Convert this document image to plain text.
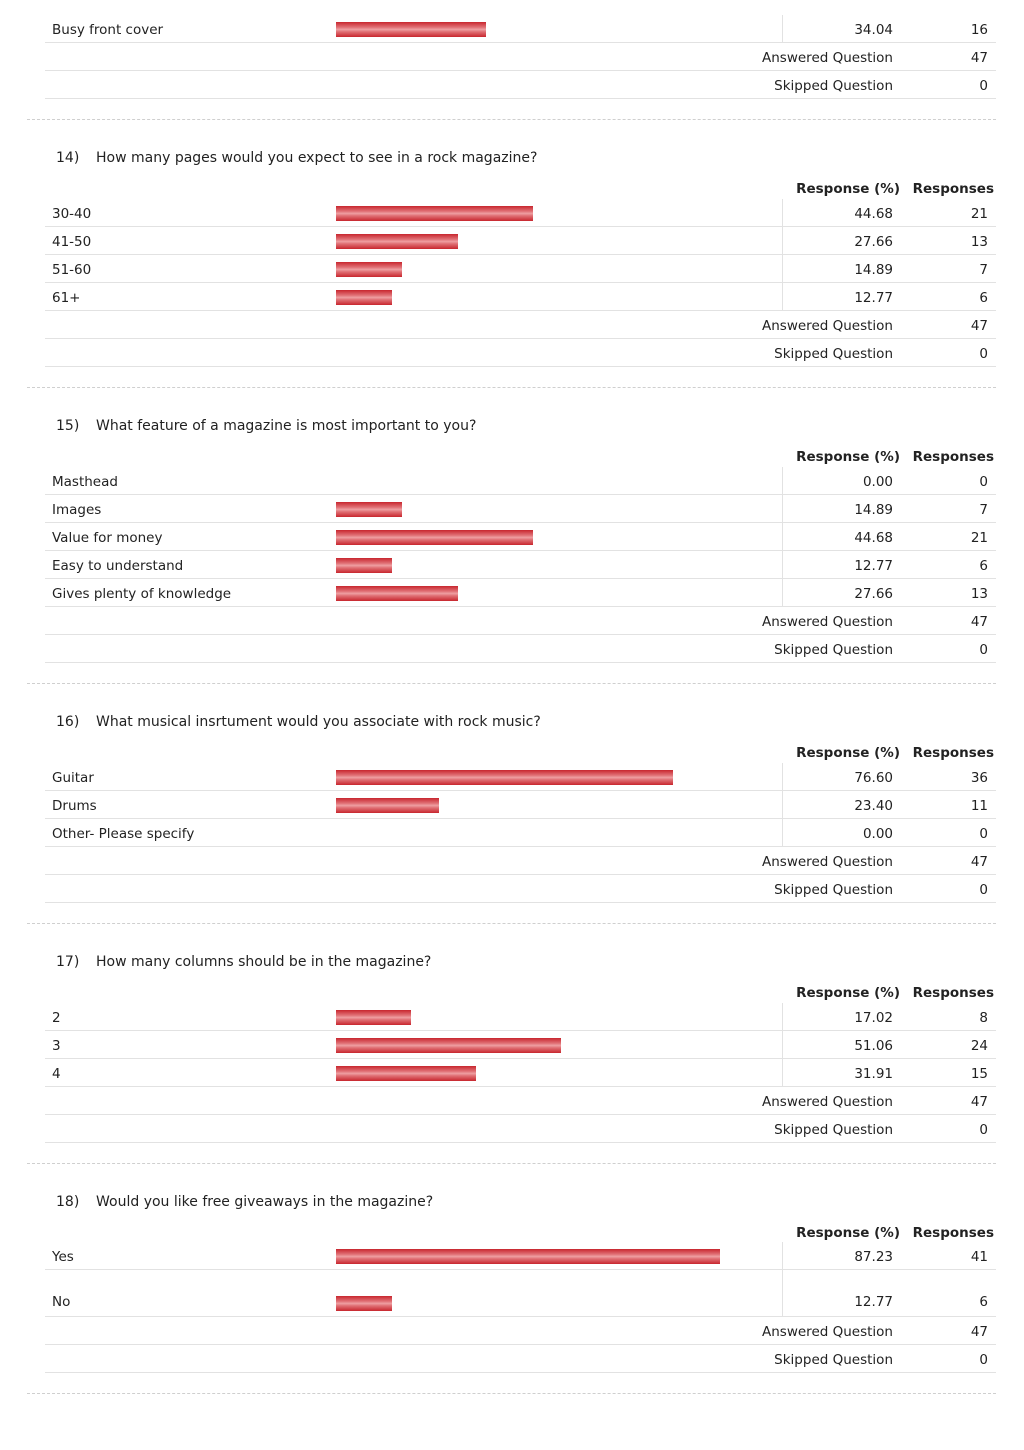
Busy front cover	34.04	16
Answered Question	47
Skipped Question	0
14) How many pages would you expect to see in a rock magazine?
Response (%) Responses
30-40	44.68	21
41-50	27.66	13
51-60	14.89	7
61+	12.77	6
Answered Question	47
Skipped Question	0
15) What feature of a magazine is most important to you?
Response (%) Responses
Masthead	0.00	0
Images	14.89	7
Value for money	44.68	21
Easy to understand	12.77	6
Gives plenty of knowledge	27.66	13
Answered Question	47
Skipped Question	0
16) What musical insrtument would you associate with rock music?
Response (%) Responses
Guitar	76.60	36
Drums	23.40	11
Other- Please specify	0.00	0
Answered Question	47
Skipped Question	0
17) How many columns should be in the magazine?
Response (%) Responses
2	17.02	8
3	51.06	24
4	31.91	15
Answered Question	47
Skipped Question	0
18) Would you like free giveaways in the magazine?
Response (%) Responses
Yes	87.23	41
No	12.77	6
Answered Question	47
Skipped Question	0
